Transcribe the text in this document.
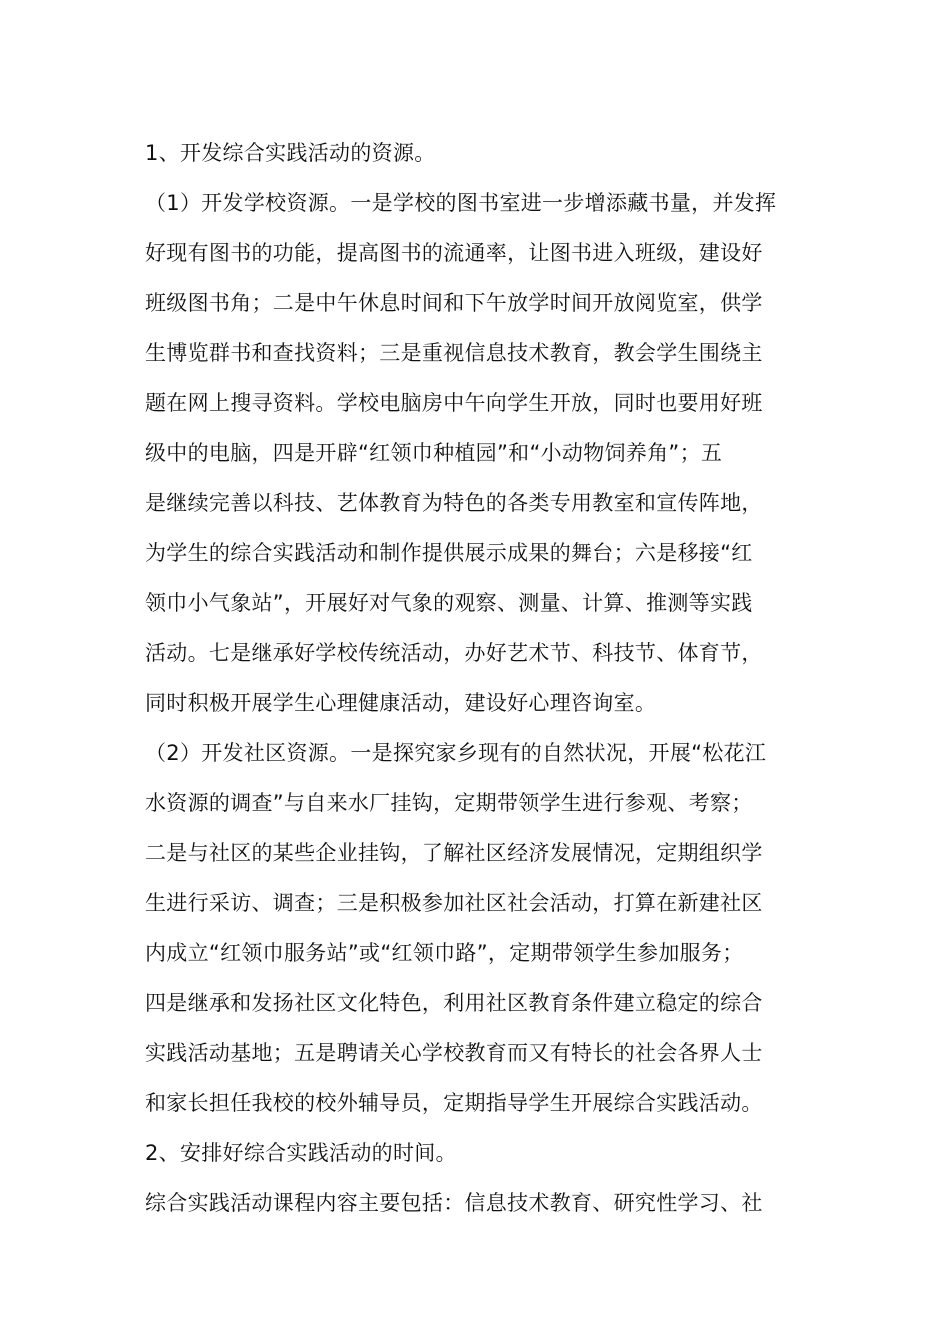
1、开发综合实践活动的资源。
（1）开发学校资源。一是学校的图书室进一步增添藏书量，并发挥
好现有图书的功能，提高图书的流通率，让图书进入班级，建设好
班级图书角；二是中午休息时间和下午放学时间开放阅览室，供学
生博览群书和查找资料；三是重视信息技术教育，教会学生围绕主
题在网上搜寻资料。学校电脑房中午向学生开放，同时也要用好班
级中的电脑，四是开辟“红领巾种植园”和“小动物饲养角”；五
是继续完善以科技、艺体教育为特色的各类专用教室和宣传阵地，
为学生的综合实践活动和制作提供展示成果的舞台；六是移接“红
领巾小气象站”，开展好对气象的观察、测量、计算、推测等实践
活动。七是继承好学校传统活动，办好艺术节、科技节、体育节，
同时积极开展学生心理健康活动，建设好心理咨询室。
（2）开发社区资源。一是探究家乡现有的自然状况，开展“松花江
水资源的调查”与自来水厂挂钩，定期带领学生进行参观、考察；
二是与社区的某些企业挂钩，了解社区经济发展情况，定期组织学
生进行采访、调查；三是积极参加社区社会活动，打算在新建社区
内成立“红领巾服务站”或“红领巾路”，定期带领学生参加服务；
四是继承和发扬社区文化特色，利用社区教育条件建立稳定的综合
实践活动基地；五是聘请关心学校教育而又有特长的社会各界人士
和家长担任我校的校外辅导员，定期指导学生开展综合实践活动。
2、安排好综合实践活动的时间。
综合实践活动课程内容主要包括：信息技术教育、研究性学习、社
